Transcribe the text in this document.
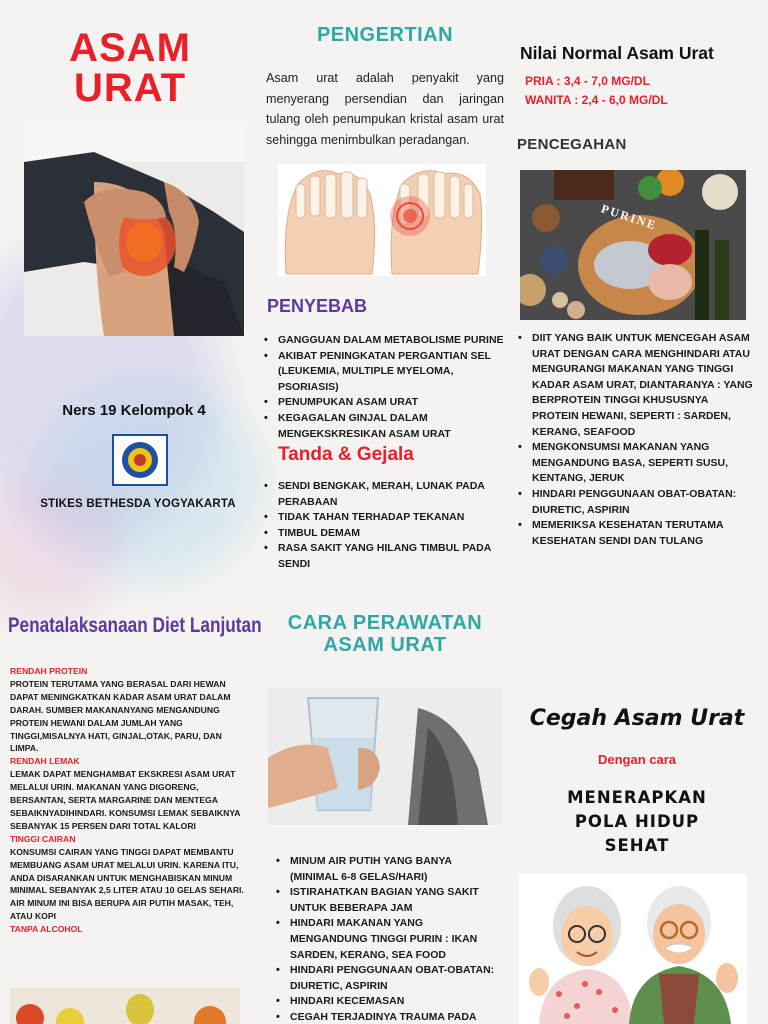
ASAM
URAT
Ners 19 Kelompok 4
STIKES BETHESDA YOGYAKARTA
PENGERTIAN
Asam urat adalah penyakit yang menyerang persendian dan jaringan tulang oleh penumpukan kristal asam urat sehingga menimbulkan peradangan.
PENYEBAB
• GANGGUAN DALAM METABOLISME PURINE
• AKIBAT PENINGKATAN PERGANTIAN SEL (LEUKEMIA, MULTIPLE MYELOMA, PSORIASIS)
• PENUMPUKAN ASAM URAT
• KEGAGALAN GINJAL DALAM MENGEKSKRESIKAN ASAM URAT
Tanda & Gejala
• SENDI BENGKAK, MERAH, LUNAK PADA PERABAAN
• TIDAK TAHAN TERHADAP TEKANAN
• TIMBUL DEMAM
• RASA SAKIT YANG HILANG TIMBUL PADA SENDI
Nilai Normal Asam Urat
PRIA : 3,4 - 7,0 MG/DL
WANITA : 2,4 - 6,0 MG/DL
PENCEGAHAN
PURINE
• DIIT YANG BAIK UNTUK MENCEGAH ASAM URAT DENGAN CARA MENGHINDARI ATAU MENGURANGI MAKANAN YANG TINGGI KADAR ASAM URAT, DIANTARANYA : YANG BERPROTEIN TINGGI KHUSUSNYA PROTEIN HEWANI, SEPERTI : SARDEN, KERANG, SEAFOOD
• MENGKONSUMSI MAKANAN YANG MENGANDUNG BASA, SEPERTI SUSU, KENTANG, JERUK
• HINDARI PENGGUNAAN OBAT-OBATAN: DIURETIC, ASPIRIN
• MEMERIKSA KESEHATAN TERUTAMA KESEHATAN SENDI DAN TULANG
Penatalaksanaan Diet Lanjutan
RENDAH PROTEIN
PROTEIN TERUTAMA YANG BERASAL DARI HEWAN DAPAT MENINGKATKAN KADAR ASAM URAT DALAM DARAH. SUMBER MAKANANYANG MENGANDUNG PROTEIN HEWANI DALAM JUMLAH YANG TINGGI,MISALNYA HATI, GINJAL,OTAK, PARU, DAN LIMPA.
RENDAH LEMAK
LEMAK DAPAT MENGHAMBAT EKSKRESI ASAM URAT MELALUI URIN. MAKANAN YANG DIGORENG, BERSANTAN, SERTA MARGARINE DAN MENTEGA SEBAIKNYADIHINDARI. KONSUMSI LEMAK SEBAIKNYA SEBANYAK 15 PERSEN DARI TOTAL KALORI
TINGGI CAIRAN
KONSUMSI CAIRAN YANG TINGGI DAPAT MEMBANTU MEMBUANG ASAM URAT MELALUI URIN. KARENA ITU, ANDA DISARANKAN UNTUK MENGHABISKAN MINUM MINIMAL SEBANYAK 2,5 LITER ATAU 10 GELAS SEHARI. AIR MINUM INI BISA BERUPA AIR PUTIH MASAK, TEH, ATAU KOPI
TANPA ALCOHOL
CARA PERAWATAN
ASAM URAT
• MINUM AIR PUTIH YANG BANYA (MINIMAL 6-8 GELAS/HARI)
• ISTIRAHATKAN BAGIAN YANG SAKIT UNTUK BEBERAPA JAM
• HINDARI MAKANAN YANG MENGANDUNG TINGGI PURIN : IKAN SARDEN, KERANG, SEA FOOD
• HINDARI PENGGUNAAN OBAT-OBATAN: DIURETIC, ASPIRIN
• HINDARI KECEMASAN
• CEGAH TERJADINYA TRAUMA PADA
Cegah Asam Urat
Dengan cara
MENERAPKAN
POLA HIDUP
SEHAT
